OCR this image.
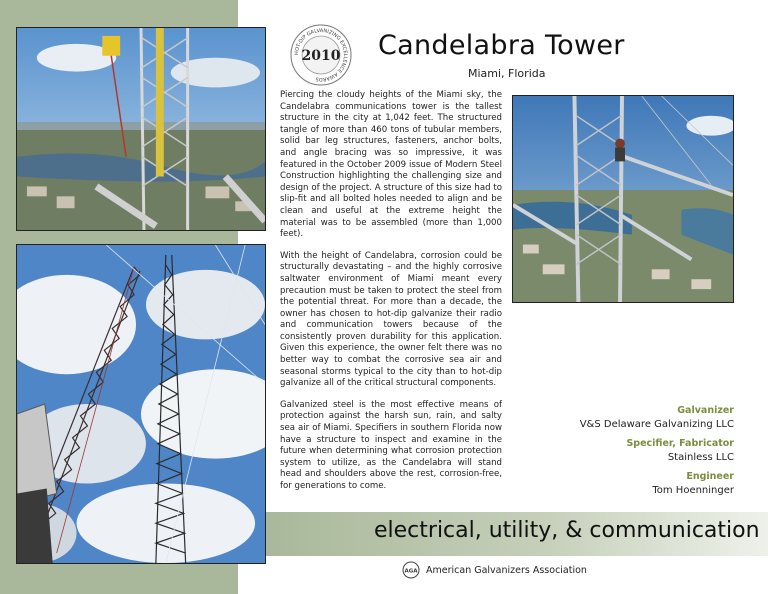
HOT-DIP GALVANIZING EXCELLENCE AWARDS
2010 Candelabra Tower
Miami, Florida

Piercing the cloudy heights of the Miami sky, the Candelabra communications tower is the tallest structure in the city at 1,042 feet. The structured tangle of more than 460 tons of tubular members, solid bar leg structures, fasteners, anchor bolts, and angle bracing was so impressive, it was featured in the October 2009 issue of Modern Steel Construction highlighting the challenging size and design of the project. A structure of this size had to slip-fit and all bolted holes needed to align and be clean and useful at the extreme height the material was to be assembled (more than 1,000 feet).

With the height of Candelabra, corrosion could be structurally devastating – and the highly corrosive saltwater environment of Miami meant every precaution must be taken to protect the steel from the potential threat. For more than a decade, the owner has chosen to hot-dip galvanize their radio and communication towers because of the consistently proven durability for this application. Given this experience, the owner felt there was no better way to combat the corrosive sea air and seasonal storms typical to the city than to hot-dip galvanize all of the critical structural components.

Galvanized steel is the most effective means of protection against the harsh sun, rain, and salty sea air of Miami. Specifiers in southern Florida now have a structure to inspect and examine in the future when determining what corrosion protection system to utilize, as the Candelabra will stand head and shoulders above the rest, corrosion-free, for generations to come.

Galvanizer
V&S Delaware Galvanizing LLC
Specifier, Fabricator
Stainless LLC
Engineer
Tom Hoenninger
electrical, utility, & communication
AGA American Galvanizers Association
